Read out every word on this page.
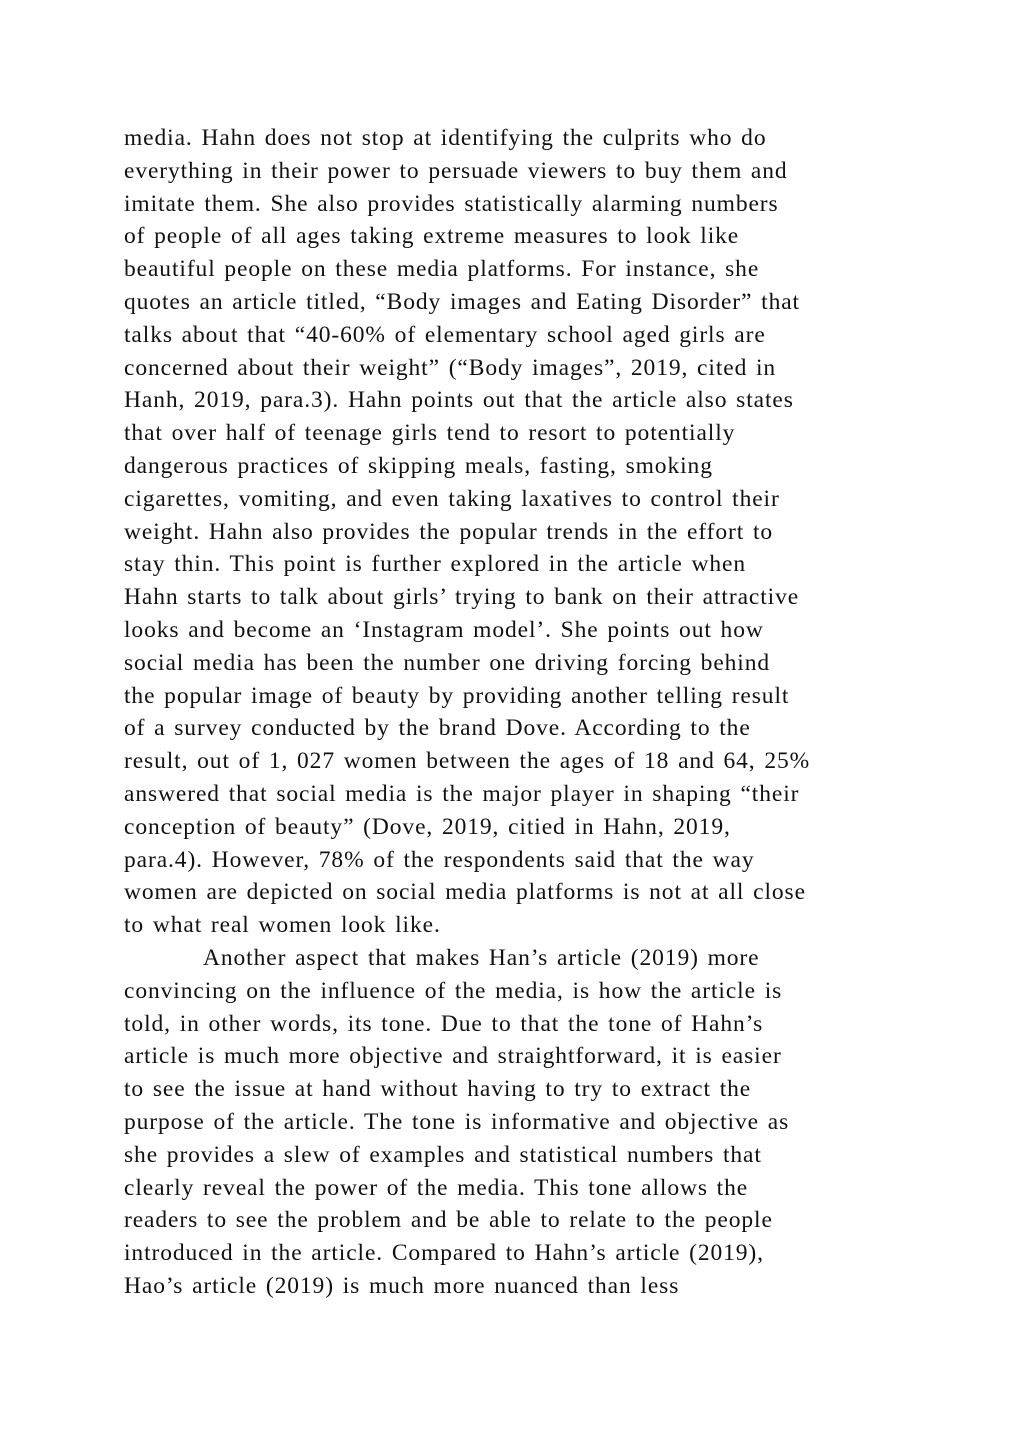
media. Hahn does not stop at identifying the culprits who do
everything in their power to persuade viewers to buy them and
imitate them. She also provides statistically alarming numbers
of people of all ages taking extreme measures to look like
beautiful people on these media platforms. For instance, she
quotes an article titled, “Body images and Eating Disorder” that
talks about that “40-60% of elementary school aged girls are
concerned about their weight” (“Body images”, 2019, cited in
Hanh, 2019, para.3). Hahn points out that the article also states
that over half of teenage girls tend to resort to potentially
dangerous practices of skipping meals, fasting, smoking
cigarettes, vomiting, and even taking laxatives to control their
weight. Hahn also provides the popular trends in the effort to
stay thin. This point is further explored in the article when
Hahn starts to talk about girls’ trying to bank on their attractive
looks and become an ‘Instagram model’. She points out how
social media has been the number one driving forcing behind
the popular image of beauty by providing another telling result
of a survey conducted by the brand Dove. According to the
result, out of 1, 027 women between the ages of 18 and 64, 25%
answered that social media is the major player in shaping “their
conception of beauty” (Dove, 2019, citied in Hahn, 2019,
para.4). However, 78% of the respondents said that the way
women are depicted on social media platforms is not at all close
to what real women look like.
Another aspect that makes Han’s article (2019) more
convincing on the influence of the media, is how the article is
told, in other words, its tone. Due to that the tone of Hahn’s
article is much more objective and straightforward, it is easier
to see the issue at hand without having to try to extract the
purpose of the article. The tone is informative and objective as
she provides a slew of examples and statistical numbers that
clearly reveal the power of the media. This tone allows the
readers to see the problem and be able to relate to the people
introduced in the article. Compared to Hahn’s article (2019),
Hao’s article (2019) is much more nuanced than less
